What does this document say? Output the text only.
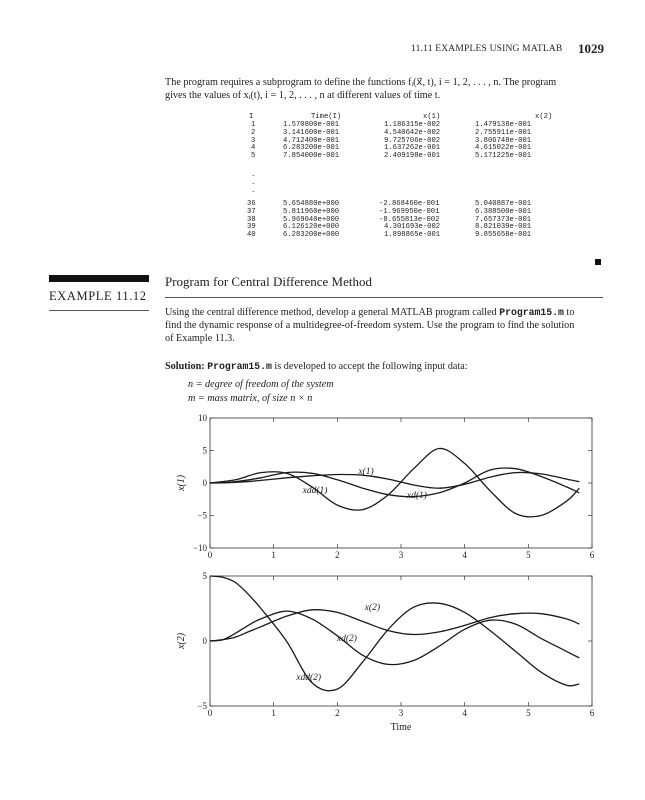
11.11 EXAMPLES USING MATLAB 1029
The program requires a subprogram to define the functions fᵢ(x⃗, t), i = 1, 2, . . . , n. The program
gives the values of xᵢ(t), i = 1, 2, . . . , n at different values of time t.
I	Time(I)	x(1)	x(2)
1	1.570800e-001	1.186315e-002	1.479138e-001
2	3.141600e-001	4.540642e-002	2.755911e-001
3	4.712400e-001	9.725706e-002	3.806748e-001
4	6.283200e-001	1.637262e-001	4.615022e-001
5	7.854000e-001	2.409198e-001	5.171225e-001
.
.
.
36	5.654880e+000	-2.868460e-001	5.040887e-001
37	5.811960e+000	-1.969950e-001	6.388500e-001
38	5.969040e+000	-8.655813e-002	7.657373e-001
39	6.126120e+000	4.301693e-002	8.821039e-001
40	6.283200e+000	1.898865e-001	9.855658e-001
EXAMPLE 11.12
Program for Central Difference Method
Using the central difference method, develop a general MATLAB program called Program15.m to
find the dynamic response of a multidegree-of-freedom system. Use the program to find the solution
of Example 11.3.
Solution: Program15.m is developed to accept the following input data:
n = degree of freedom of the system
m = mass matrix, of size n × n
0	1	2	3	4	5	6
10
5
0
−5
−10
x(1)
x(1)
xd(1)
xdd(1)
0	1	2	3	4	5	6
5
0
−5
x(2)
Time
x(2)
xd(2)
xdd(2)
